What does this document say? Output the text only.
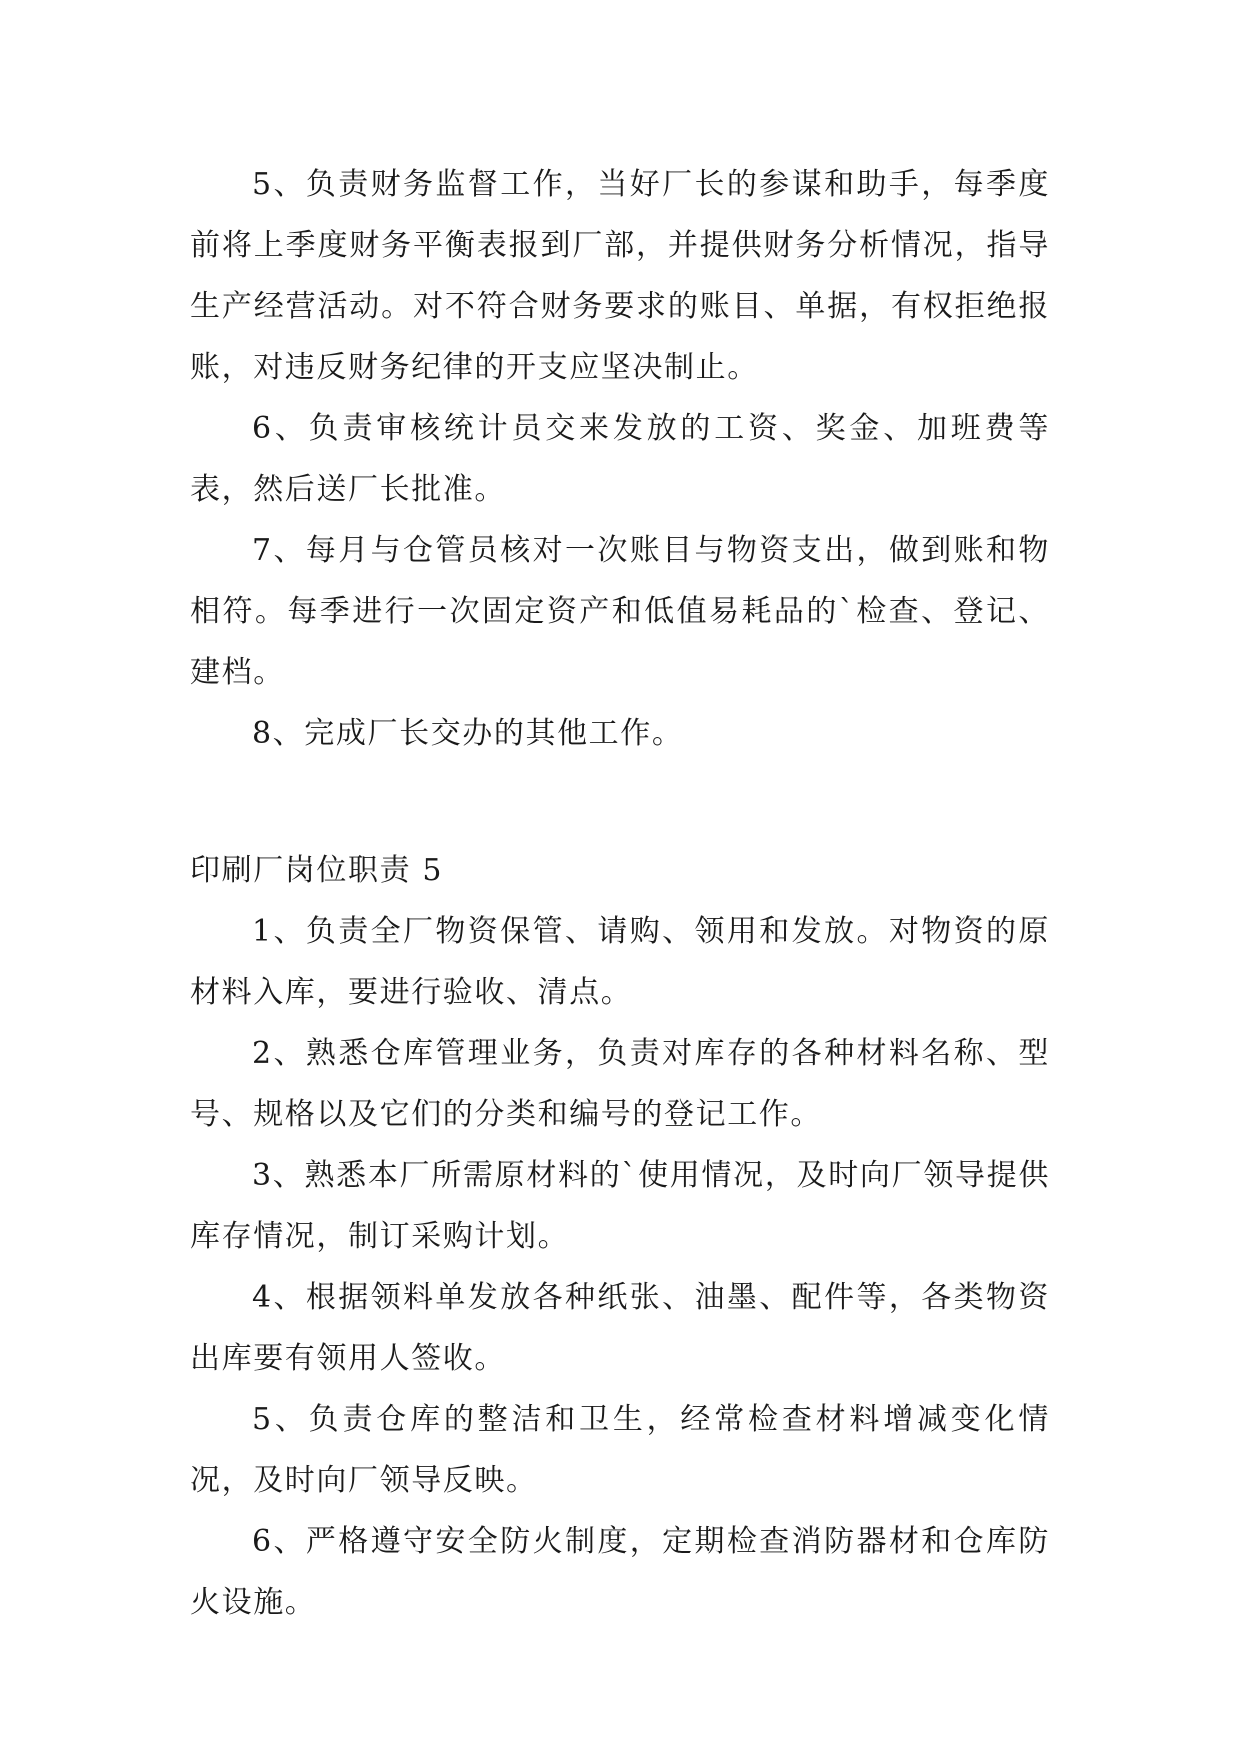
5、负责财务监督工作，当好厂长的参谋和助手，每季度前将上季度财务平衡表报到厂部，并提供财务分析情况，指导生产经营活动。对不符合财务要求的账目、单据，有权拒绝报账，对违反财务纪律的开支应坚决制止。

6、负责审核统计员交来发放的工资、奖金、加班费等表，然后送厂长批准。

7、每月与仓管员核对一次账目与物资支出，做到账和物相符。每季进行一次固定资产和低值易耗品的`检查、登记、建档。

8、完成厂长交办的其他工作。

印刷厂岗位职责 5

1、负责全厂物资保管、请购、领用和发放。对物资的原材料入库，要进行验收、清点。

2、熟悉仓库管理业务，负责对库存的各种材料名称、型号、规格以及它们的分类和编号的登记工作。

3、熟悉本厂所需原材料的`使用情况，及时向厂领导提供库存情况，制订采购计划。

4、根据领料单发放各种纸张、油墨、配件等，各类物资出库要有领用人签收。

5、负责仓库的整洁和卫生，经常检查材料增减变化情况，及时向厂领导反映。

6、严格遵守安全防火制度，定期检查消防器材和仓库防火设施。
